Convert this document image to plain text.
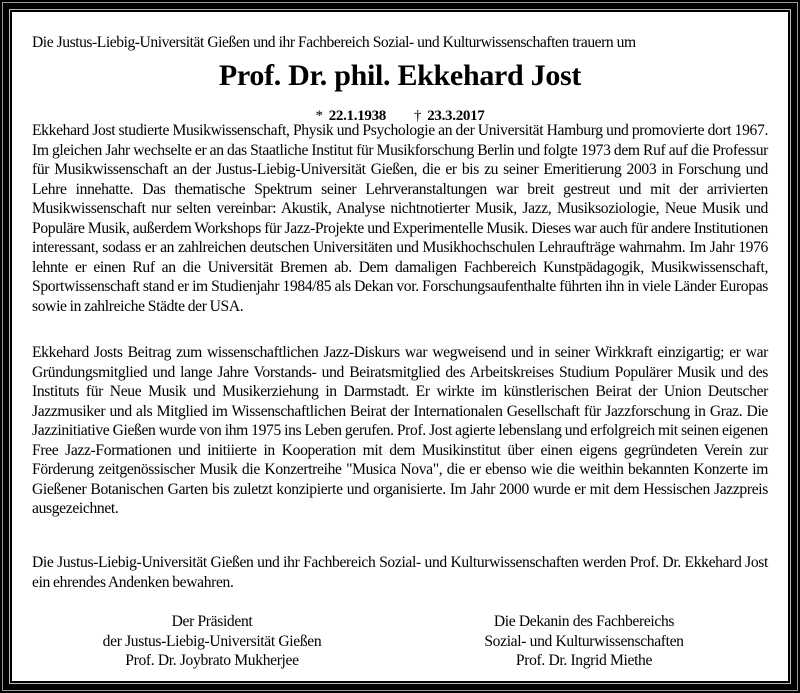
Die Justus-Liebig-Universität Gießen und ihr Fachbereich Sozial- und Kulturwissenschaften trauern um
Prof. Dr. phil. Ekkehard Jost
* 22.1.1938 † 23.3.2017
Ekkehard Jost studierte Musikwissenschaft, Physik und Psychologie an der Universität Hamburg und promovierte dort 1967. Im gleichen Jahr wechselte er an das Staatliche Institut für Musikforschung Berlin und folgte 1973 dem Ruf auf die Professur für Musikwissenschaft an der Justus-Liebig-Universität Gießen, die er bis zu seiner Emeritierung 2003 in Forschung und Lehre innehatte. Das thematische Spektrum seiner Lehrveranstaltungen war breit gestreut und mit der arrivierten Musikwissenschaft nur selten vereinbar: Akustik, Analyse nichtnotierter Musik, Jazz, Musiksoziologie, Neue Musik und Populäre Musik, außerdem Workshops für Jazz-Projekte und Experimentelle Musik. Dieses war auch für andere Institutionen interessant, sodass er an zahlreichen deutschen Universitäten und Musikhochschulen Lehraufträge wahrnahm. Im Jahr 1976 lehnte er einen Ruf an die Universität Bremen ab. Dem damaligen Fachbereich Kunstpädagogik, Musikwissenschaft, Sportwissenschaft stand er im Studienjahr 1984/85 als Dekan vor. Forschungsaufenthalte führten ihn in viele Länder Europas sowie in zahlreiche Städte der USA.
Ekkehard Josts Beitrag zum wissenschaftlichen Jazz-Diskurs war wegweisend und in seiner Wirkkraft einzigartig; er war Gründungsmitglied und lange Jahre Vorstands- und Beiratsmitglied des Arbeitskreises Studium Populärer Musik und des Instituts für Neue Musik und Musikerziehung in Darmstadt. Er wirkte im künstlerischen Beirat der Union Deutscher Jazzmusiker und als Mitglied im Wissenschaftlichen Beirat der Internationalen Gesellschaft für Jazzforschung in Graz. Die Jazzinitiative Gießen wurde von ihm 1975 ins Leben gerufen. Prof. Jost agierte lebenslang und erfolgreich mit seinen eigenen Free Jazz-Formationen und initiierte in Kooperation mit dem Musikinstitut über einen eigens gegründeten Verein zur Förderung zeitgenössischer Musik die Konzertreihe "Musica Nova", die er ebenso wie die weithin bekannten Konzerte im Gießener Botanischen Garten bis zuletzt konzipierte und organisierte. Im Jahr 2000 wurde er mit dem Hessischen Jazzpreis ausgezeichnet.
Die Justus-Liebig-Universität Gießen und ihr Fachbereich Sozial- und Kulturwissenschaften werden Prof. Dr. Ekkehard Jost ein ehrendes Andenken bewahren.
Der Präsident
der Justus-Liebig-Universität Gießen
Prof. Dr. Joybrato Mukherjee
Die Dekanin des Fachbereichs
Sozial- und Kulturwissenschaften
Prof. Dr. Ingrid Miethe
